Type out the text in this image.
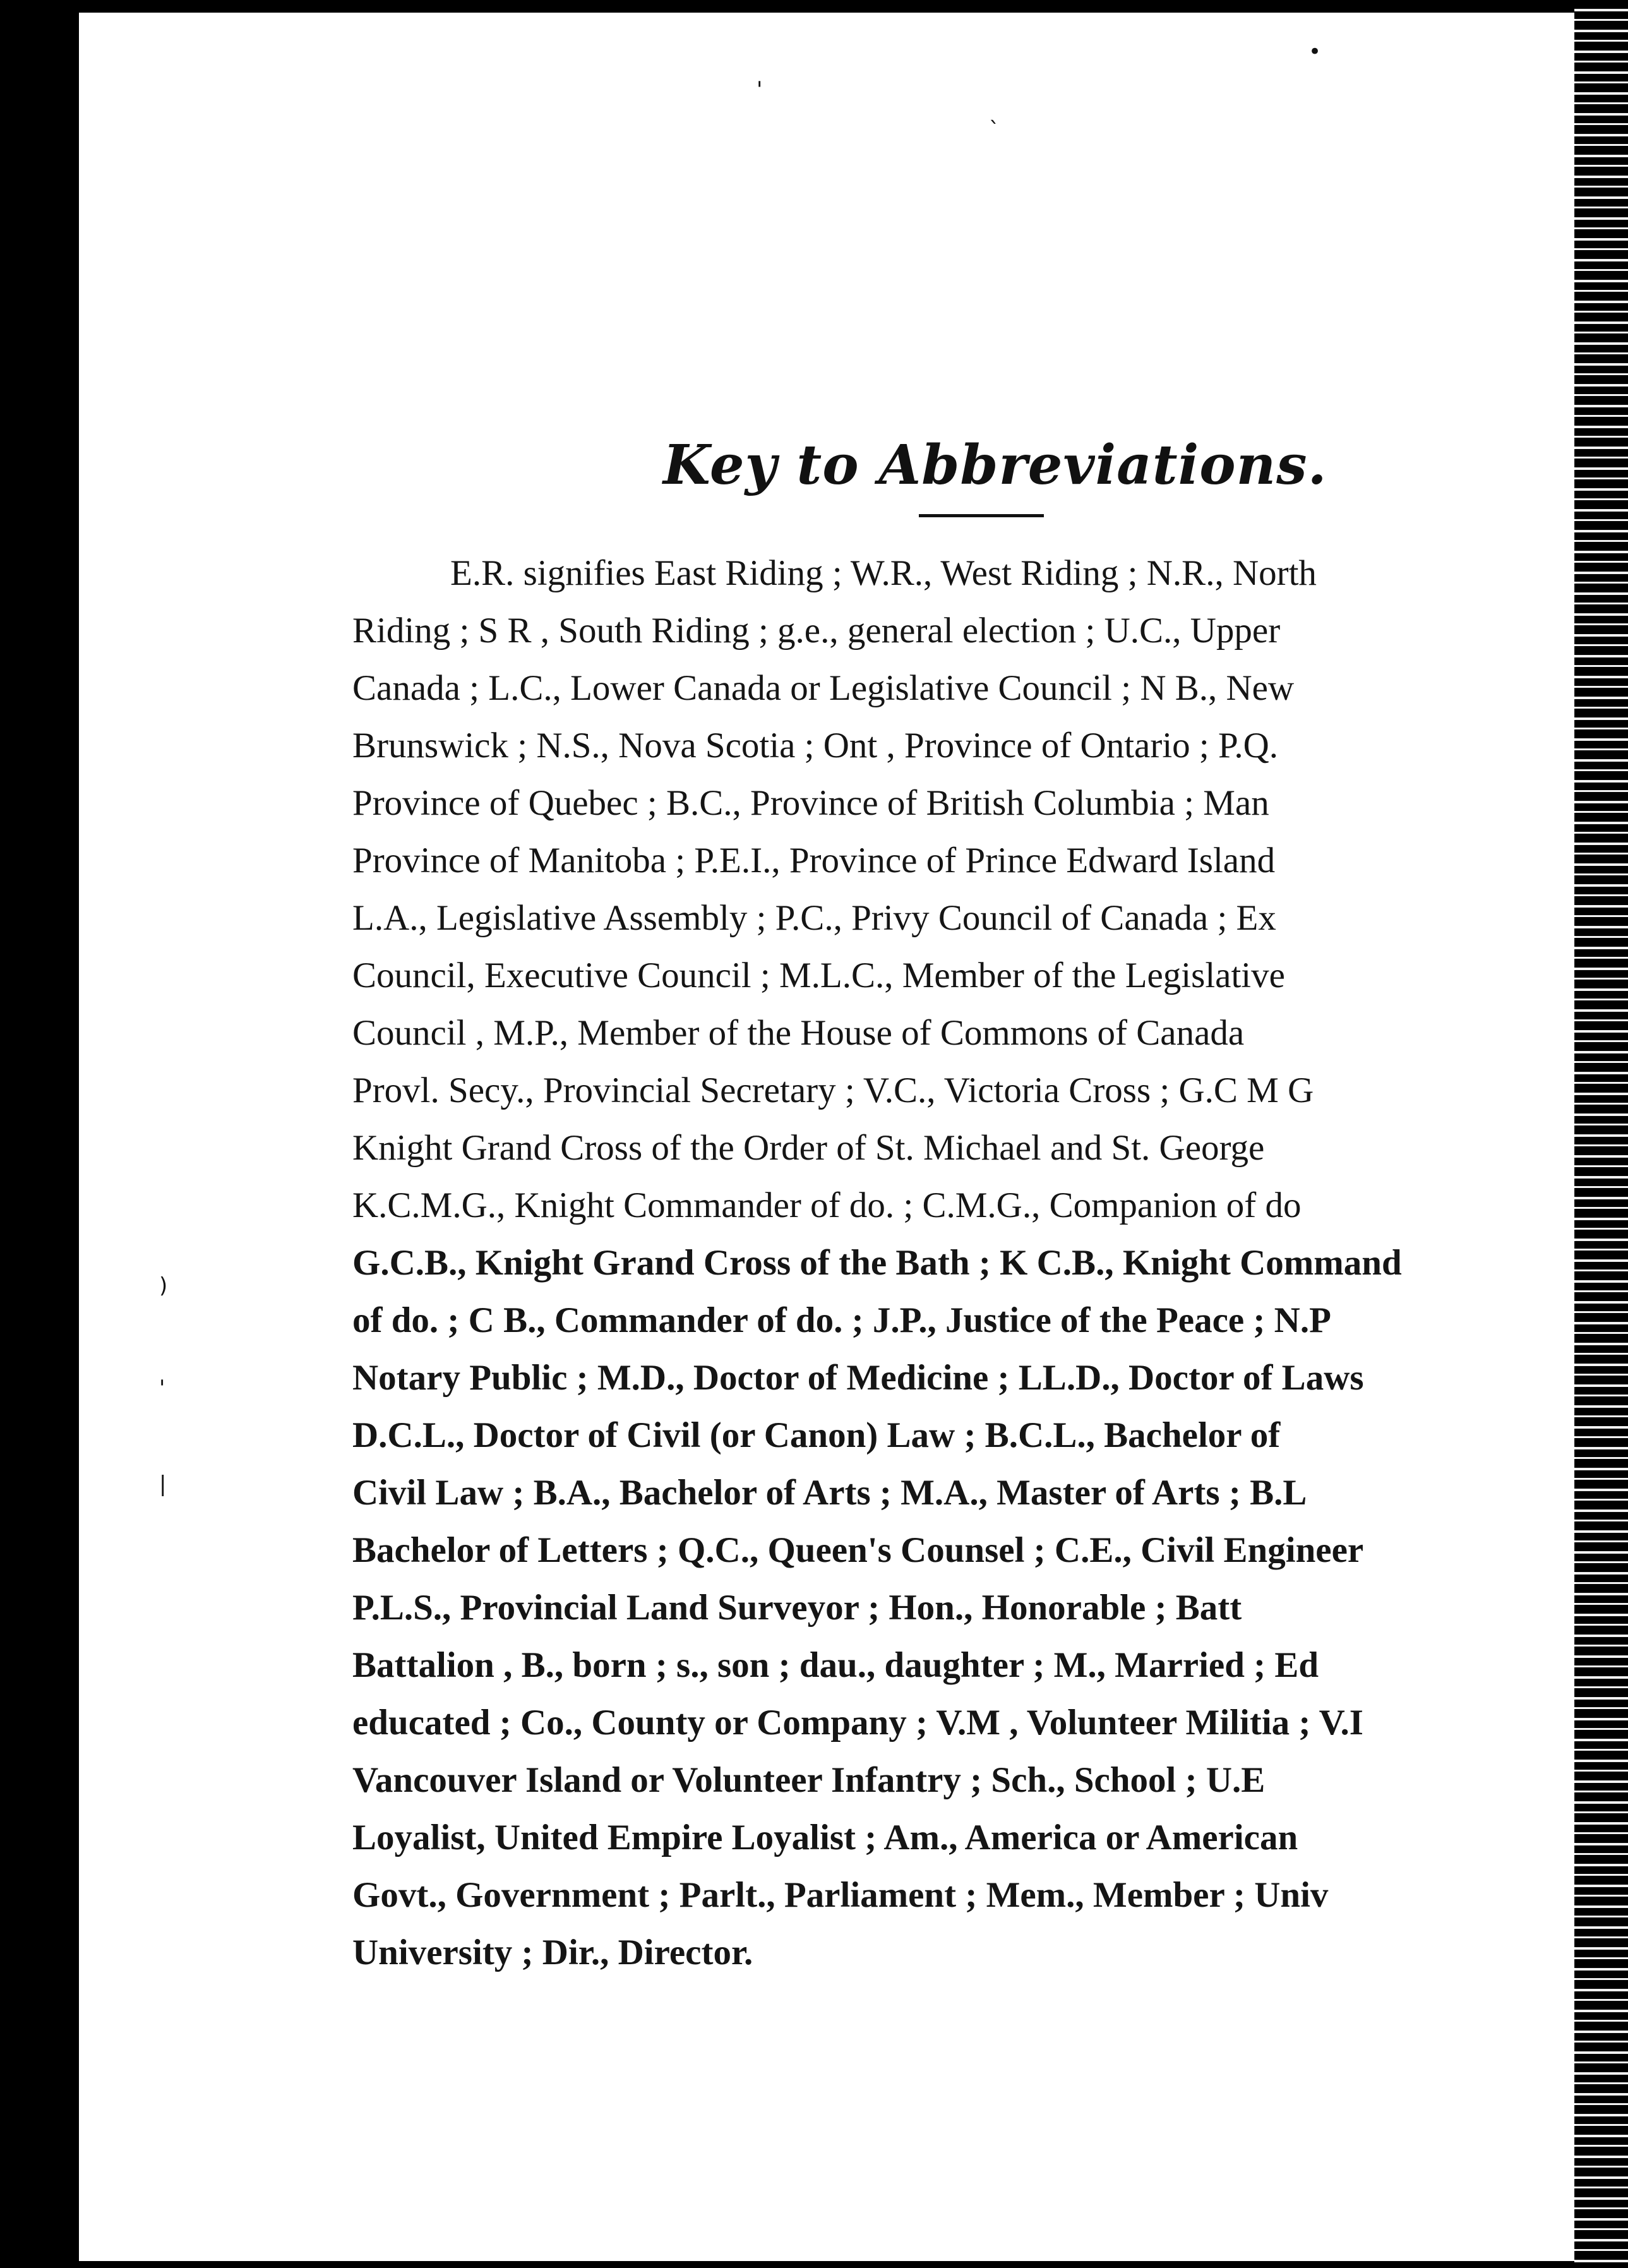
'
`
•
)
'
|
Key to Abbreviations.
E.R. signifies East Riding ; W.R., West Riding ; N.R., North
Riding ; S R , South Riding ; g.e., general election ; U.C., Upper
Canada ; L.C., Lower Canada or Legislative Council ; N B., New
Brunswick ; N.S., Nova Scotia ; Ont , Province of Ontario ; P.Q.
Province of Quebec ; B.C., Province of British Columbia ; Man
Province of Manitoba ; P.E.I., Province of Prince Edward Island
L.A., Legislative Assembly ; P.C., Privy Council of Canada ; Ex
Council, Executive Council ; M.L.C., Member of the Legislative
Council , M.P., Member of the House of Commons of Canada
Provl. Secy., Provincial Secretary ; V.C., Victoria Cross ; G.C M G
Knight Grand Cross of the Order of St. Michael and St. George
K.C.M.G., Knight Commander of do. ; C.M.G., Companion of do
G.C.B., Knight Grand Cross of the Bath ; K C.B., Knight Command
of do. ; C B., Commander of do. ; J.P., Justice of the Peace ; N.P
Notary Public ; M.D., Doctor of Medicine ; LL.D., Doctor of Laws
D.C.L., Doctor of Civil (or Canon) Law ; B.C.L., Bachelor of
Civil Law ; B.A., Bachelor of Arts ; M.A., Master of Arts ; B.L
Bachelor of Letters ; Q.C., Queen's Counsel ; C.E., Civil Engineer
P.L.S., Provincial Land Surveyor ; Hon., Honorable ; Batt
Battalion , B., born ; s., son ; dau., daughter ; M., Married ; Ed
educated ; Co., County or Company ; V.M , Volunteer Militia ; V.I
Vancouver Island or Volunteer Infantry ; Sch., School ; U.E
Loyalist, United Empire Loyalist ; Am., America or American
Govt., Government ; Parlt., Parliament ; Mem., Member ; Univ
University ; Dir., Director.
